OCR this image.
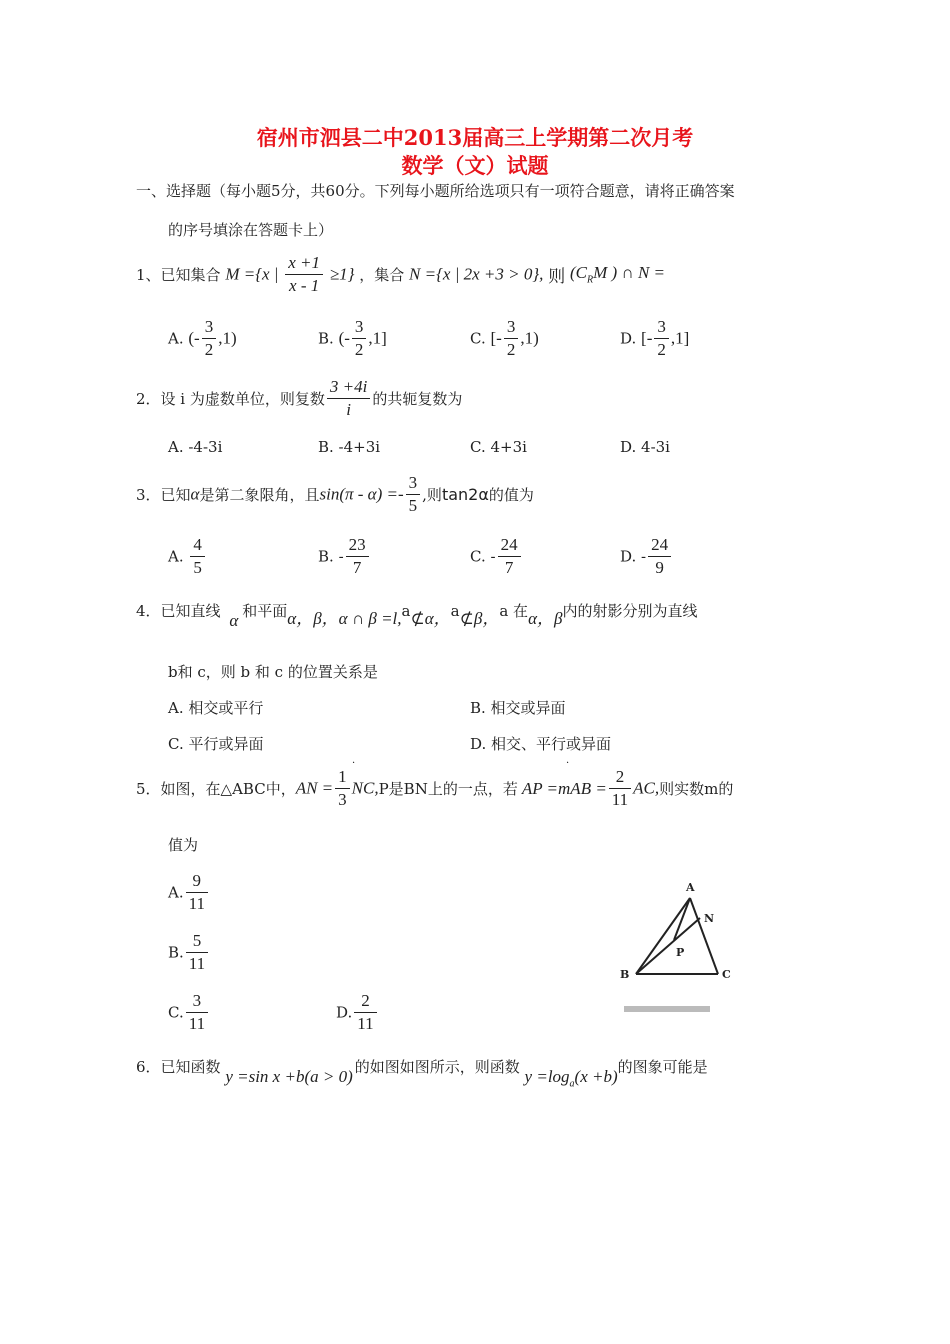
宿州市泗县二中2013届高三上学期第二次月考
数学（文）试题
一、选择题（每小题5分，共60分。下列每小题所给选项只有一项符合题意，请将正确答案
的序号填涂在答题卡上）
1、已知集合 M ={x | $\frac{x +1}{x - 1} \ge 1$} ，集合 N ={x | 2x +3 > 0}, 则 ($C_RM$ ) ∩ N =
A. (- $\frac{3}{2} ,1$)	B. (- $\frac{3}{2} ,1$]	C. [- $\frac{3}{2} ,1$)	D. [- $\frac{3}{2} ,1$]
2．设 i 为虚数单位，则复数 $\frac{3 +4i}{i}$ 的共轭复数为
A. -4-3i	B. -4+3i	C. 4+3i	D. 4-3i
3．已知α是第二象限角，且$\sin(\pi - \alpha) =- \frac{3}{5}$ ,则tan2α的值为
A. $\frac{4}{5}$	B. - $\frac{23}{7}$	C. - $\frac{24}{7}$	D. - $\frac{24}{9}$
4．已知直线 α 和平面α，β，α ∩ β =l,a⊄α，a⊄β，a 在α，β内的射影分别为直线
b和 c，则 b 和 c 的位置关系是
A. 相交或平行	B. 相交或异面
C. 平行或异面	D. 相交、平行或异面
5．如图，在△ABC中，AN = $\frac{1}{3} NC,P$是BN上的一点，若 AP $=mAB = \frac{2}{11}$ AC,则实数m的
值为
A. $\frac{9}{11}$
B. $\frac{5}{11}$
C. $\frac{3}{11}$	D. $\frac{2}{11}$
A
N
P
B	C
6．已知函数 y =sin x +b(a > 0) 的如图如图所示，则函数 $y =\log_a(x +b)$的图象可能是
·	·
